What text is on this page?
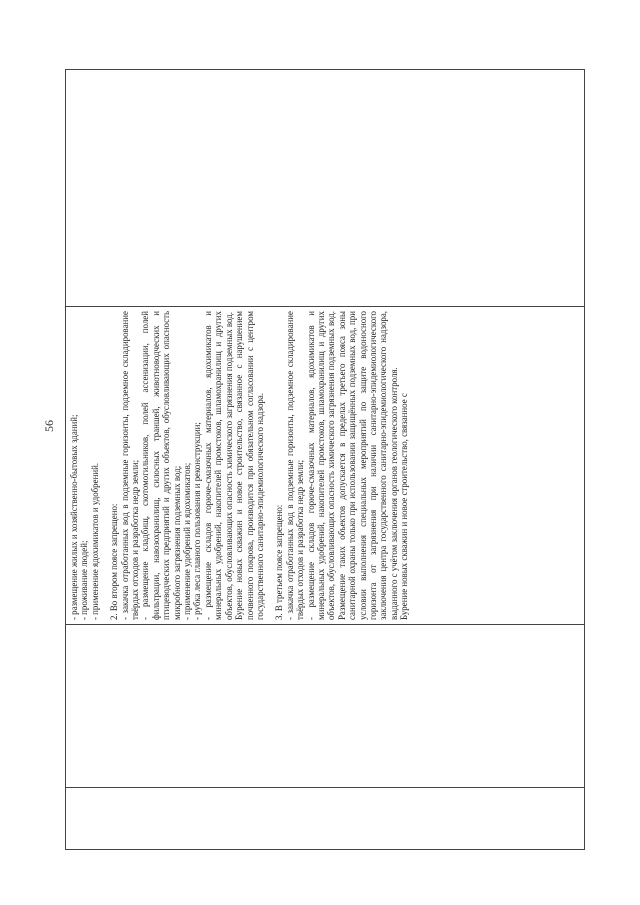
56
		- размещение жилых и хозяйственно-бытовых зданий; - проживание людей; - применение ядохимикатов и удобрений. 2. Во втором поясе запрещено: - закачка отработанных вод в подземные горизонты, подземное складирование твёрдых отходов и разработка недр земли; - размещение кладбищ, скотомогильников, полей ассенизации, полей фильтрации, навозохранилищ, силосных траншей, животноводческих и птицеводческих предприятий и других объектов, обусловливающих опасность микробного загрязнения подземных вод; - применение удобрений и ядохимикатов; - рубка леса главного пользования и реконструкции; - размещение складов горюче-смазочных материалов, ядохимикатов и минеральных удобрений, накопителей промстоков, шламохранилищ и других объектов, обусловливающих опасность химического загрязнения подземных вод. Бурение новых скважин и новое строительство, связанное с нарушением почвенного покрова, производится при обязательном согласовании с центром государственного санитарно-эпидемиологического надзора. 3. В третьем поясе запрещено: - закачка отработанных вод в подземные горизонты, подземное складирование твёрдых отходов и разработка недр земли; - размещение складов горюче-смазочных материалов, ядохимикатов и минеральных удобрений, накопителей промстоков, шламохранилищ и других объектов, обусловливающих опасность химического загрязнения подземных вод. Размещение таких объектов допускается в пределах третьего пояса зоны санитарной охраны только при использовании защищённых подземных вод, при условии выполнения специальных мероприятий по защите водоносного горизонта от загрязнения при наличии санитарно-эпидемиологического заключения центра государственного санитарно-эпидемиологического надзора, выданного с учётом заключения органов геологического контроля. Бурение новых скважин и новое строительство, связанное с
